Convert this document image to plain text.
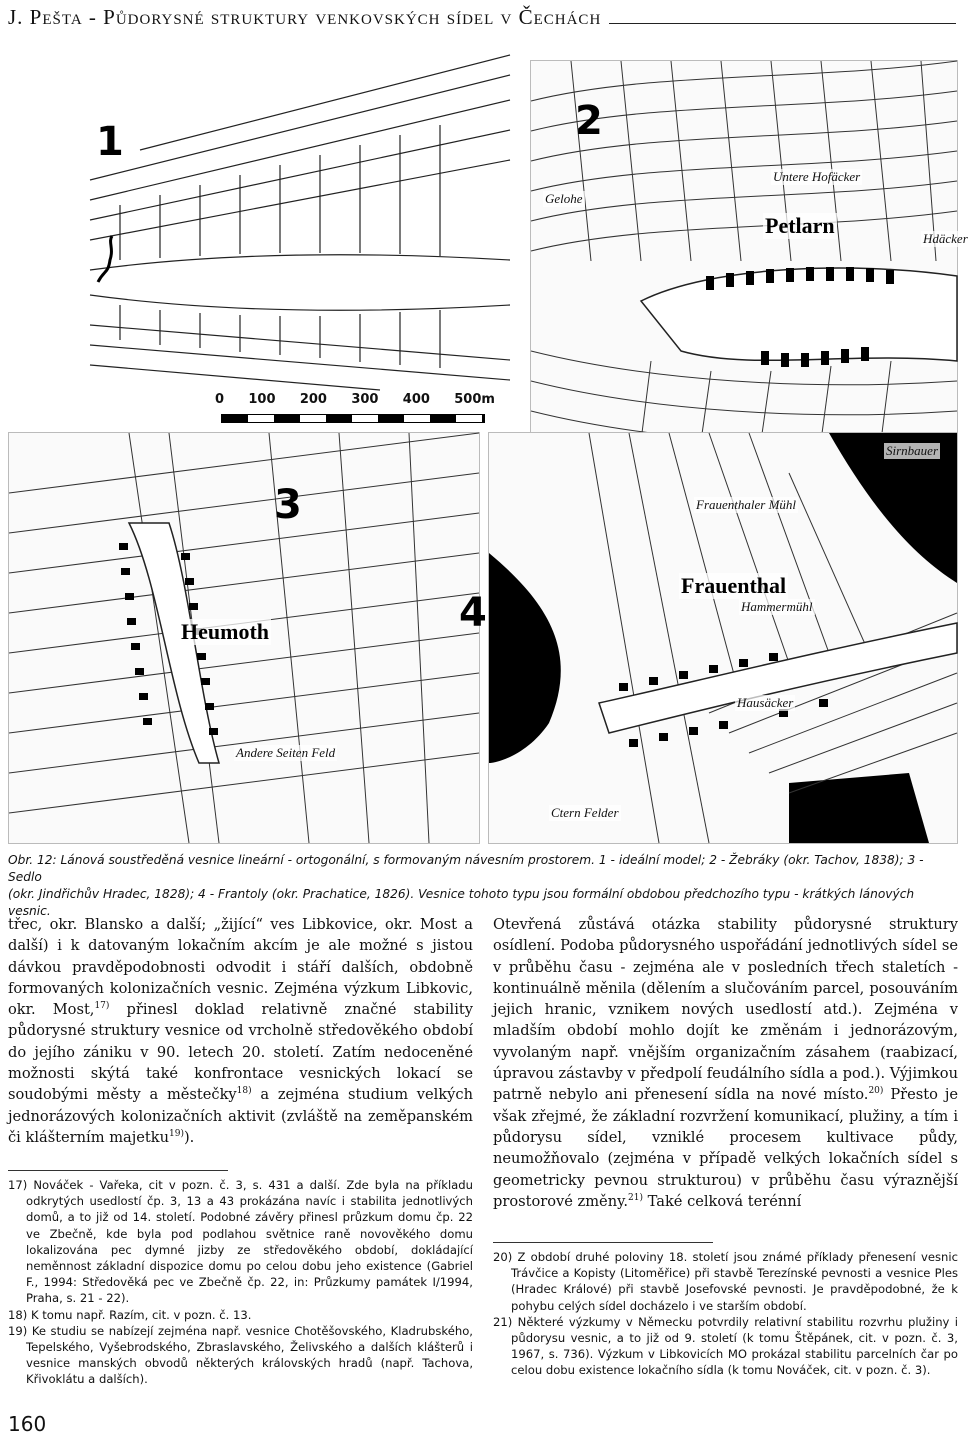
J. Pešta - Půdorysné struktury venkovských sídel v Čechách
1	2
Petlarn
Untere Hofäcker
Gelohe
Hdäcker
0 100 200 300 400 500m
3
Heumoth
Andere Seiten Feld
4
Frauenthal
Frauenthaler Mühl
Hammermühl
Hausäcker
Ctern Felder
Sirnbauer

Obr. 12: Lánová soustředěná vesnice lineární - ortogonální, s formovaným návesním prostorem. 1 - ideální model; 2 - Žebráky (okr. Tachov, 1838); 3 - Sedlo

(okr. Jindřichův Hradec, 1828); 4 - Frantoly (okr. Prachatice, 1826). Vesnice tohoto typu jsou formální obdobou předchozího typu - krátkých lánových vesnic.

třec, okr. Blansko a další; „žijící“ ves Libkovice, okr. Most a další) i k datovaným lokačním akcím je ale možné s jistou dávkou pravděpodobnosti odvodit i stáří dalších, obdobně formovaných kolonizačních vesnic. Zejména výzkum Libkovic, okr. Most,$^{17)}$ přinesl doklad relativně značné stability půdorysné struktury vesnice od vrcholně středověkého období do jejího zániku v 90. letech 20. století. Zatím nedoceněné možnosti skýtá také konfrontace vesnických lokací se soudobými městy a městečky$^{18)}$ a zejména studium velkých jednorázových kolonizačních aktivit (zvláště na zeměpanském či klášterním majetku$^{19)}$).

17) Nováček - Vařeka, cit v pozn. č. 3, s. 431 a další. Zde byla na příkladu odkrytých usedlostí čp. 3, 13 a 43 prokázána navíc i stabilita jednotlivých domů, a to již od 14. století. Podobné závěry přinesl průzkum domu čp. 22 ve Zbečně, kde byla pod podlahou světnice raně novověkého domu lokalizována pec dymné jizby ze středověkého období, dokládající neměnnost základní dispozice domu po celou dobu jeho existence (Gabriel F., 1994: Středověká pec ve Zbečně čp. 22, in: Průzkumy památek I/1994, Praha, s. 21 - 22).

18) K tomu např. Razím, cit. v pozn. č. 13.

19) Ke studiu se nabízejí zejména např. vesnice Chotěšovského, Kladrubského, Tepelského, Vyšebrodského, Zbraslavského, Želivského a dalších klášterů i vesnice manských obvodů některých královských hradů (např. Tachova, Křivoklátu a dalších).

Otevřená zůstává otázka stability půdorysné struktury osídlení. Podoba půdorysného uspořádání jednotlivých sídel se v průběhu času - zejména ale v posledních třech staletích - kontinuálně měnila (dělením a slučováním parcel, posouváním jejich hranic, vznikem nových usedlostí atd.). Zejména v mladším období mohlo dojít ke změnám i jednorázovým, vyvolaným např. vnějším organizačním zásahem (raabizací, úpravou zástavby v předpolí feudálního sídla a pod.). Výjimkou patrně nebylo ani přenesení sídla na nové místo.$^{20)}$ Přesto je však zřejmé, že základní rozvržení komunikací, plužiny, a tím i půdorysu sídel, vzniklé procesem kultivace půdy, neumožňovalo (zejména v případě velkých lokačních sídel s geometricky pevnou strukturou) v průběhu času výraznější prostorové změny.$^{21)}$ Také celková terénní

20) Z období druhé poloviny 18. století jsou známé příklady přenesení vesnic Trávčice a Kopisty (Litoměřice) při stavbě Terezínské pevnosti a vesnice Ples (Hradec Králové) při stavbě Josefovské pevnosti. Je pravděpodobné, že k pohybu celých sídel docházelo i ve starším období.

21) Některé výzkumy v Německu potvrdily relativní stabilitu rozvrhu plužiny i půdorysu vesnic, a to již od 9. století (k tomu Štěpánek, cit. v pozn. č. 3, 1967, s. 736). Výzkum v Libkovicích MO prokázal stabilitu parcelních čar po celou dobu existence lokačního sídla (k tomu Nováček, cit. v pozn. č. 3).

160
